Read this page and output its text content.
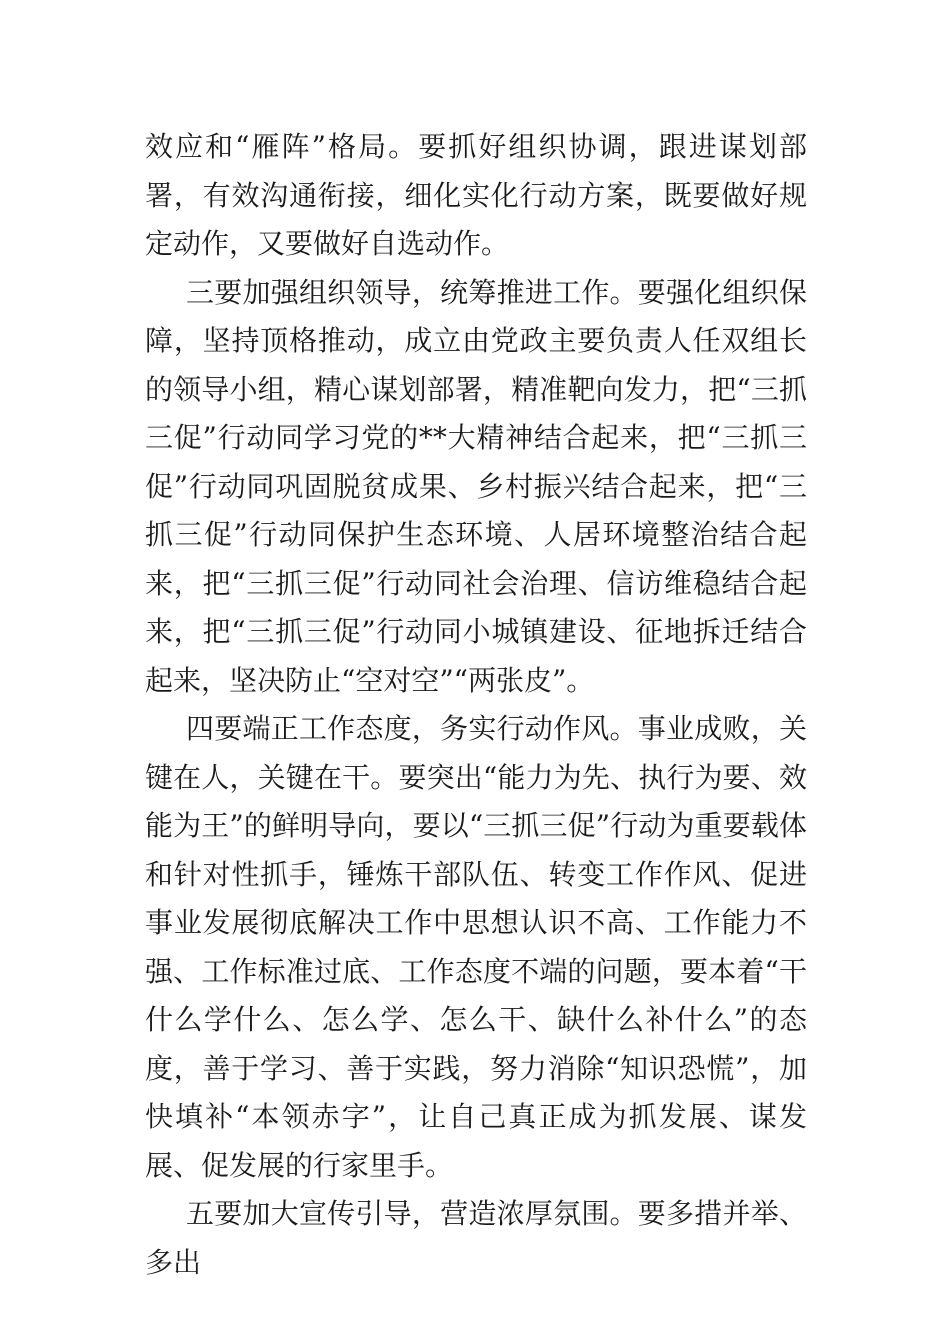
效应和“雁阵”格局。要抓好组织协调，跟进谋划部署，有效沟通衔接，细化实化行动方案，既要做好规定动作，又要做好自选动作。

三要加强组织领导，统筹推进工作。要强化组织保障，坚持顶格推动，成立由党政主要负责人任双组长的领导小组，精心谋划部署，精准靶向发力，把“三抓三促”行动同学习党的**大精神结合起来，把“三抓三促”行动同巩固脱贫成果、乡村振兴结合起来，把“三抓三促”行动同保护生态环境、人居环境整治结合起来，把“三抓三促”行动同社会治理、信访维稳结合起来，把“三抓三促”行动同小城镇建设、征地拆迁结合起来，坚决防止“空对空”“两张皮”。

四要端正工作态度，务实行动作风。事业成败，关键在人，关键在干。要突出“能力为先、执行为要、效能为王”的鲜明导向，要以“三抓三促”行动为重要载体和针对性抓手，锤炼干部队伍、转变工作作风、促进事业发展彻底解决工作中思想认识不高、工作能力不强、工作标准过底、工作态度不端的问题，要本着“干什么学什么、怎么学、怎么干、缺什么补什么”的态度，善于学习、善于实践，努力消除“知识恐慌”，加快填补“本领赤字”，让自己真正成为抓发展、谋发展、促发展的行家里手。

五要加大宣传引导，营造浓厚氛围。要多措并举、多出
